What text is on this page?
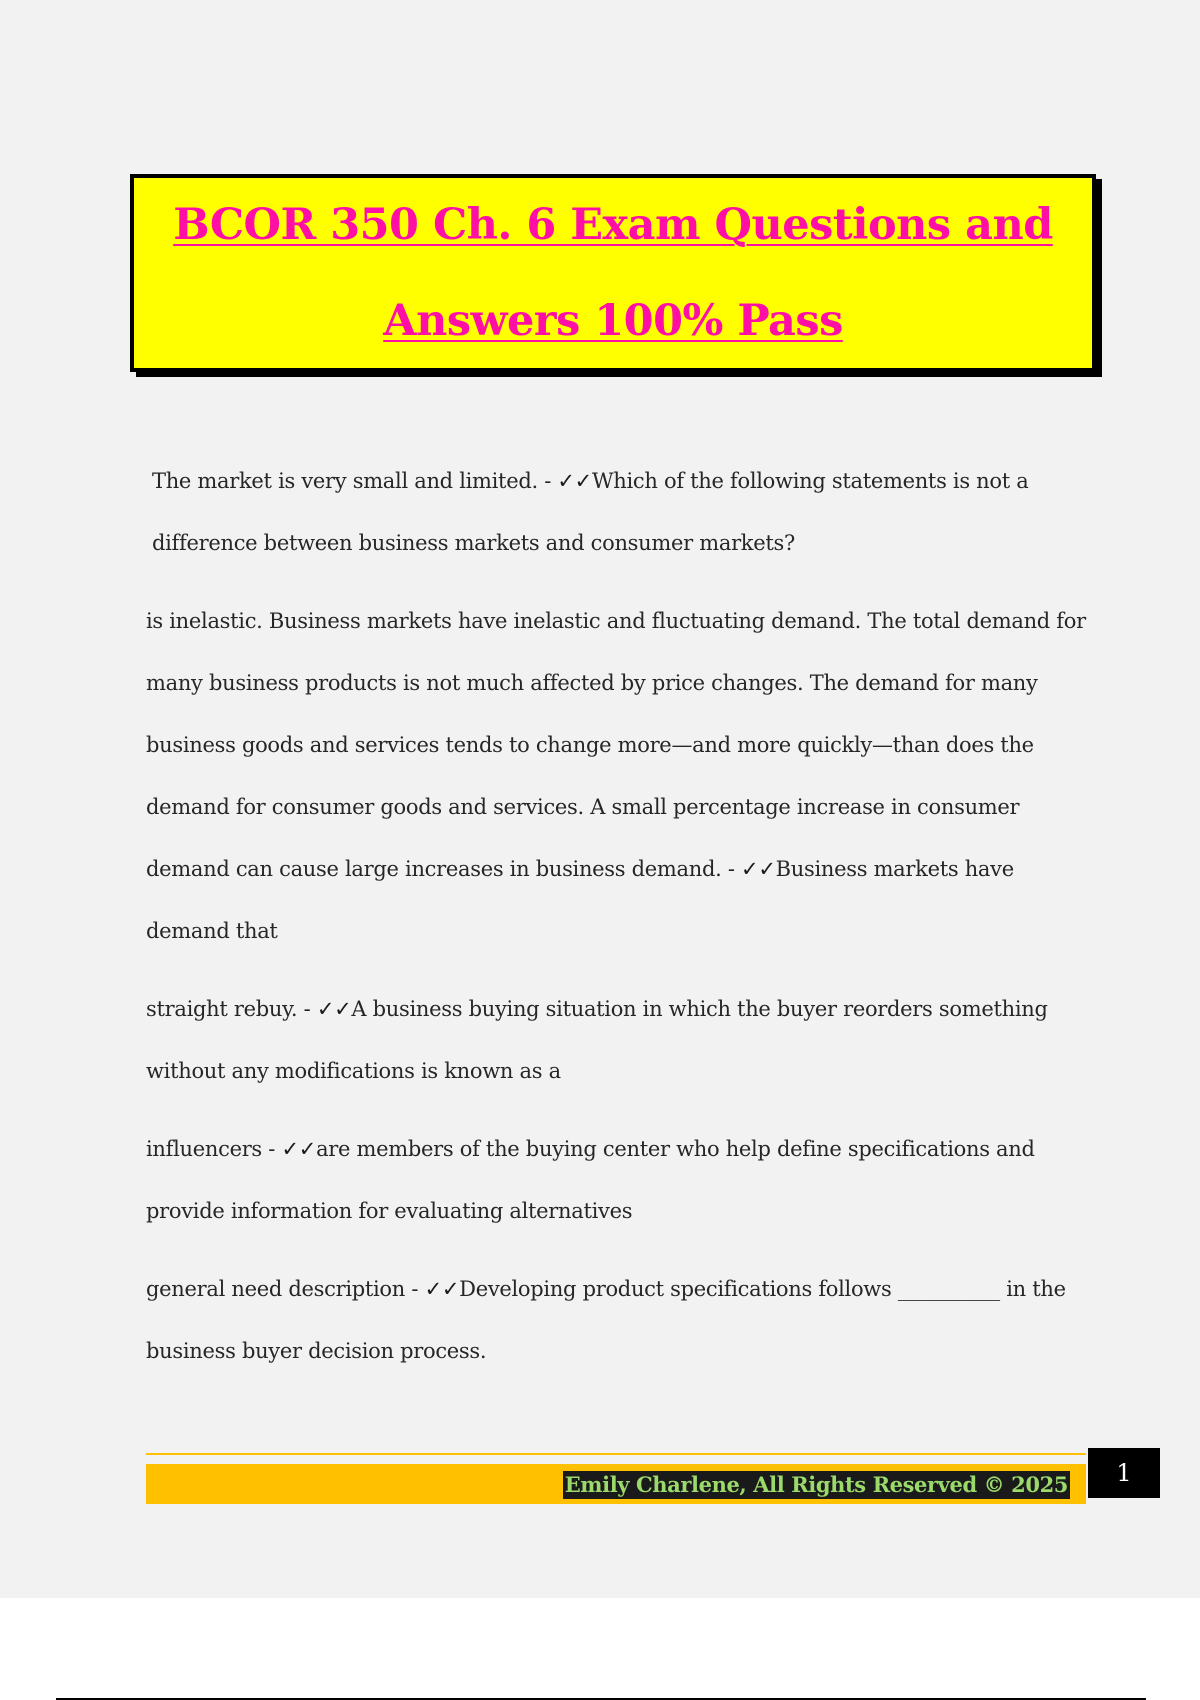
BCOR 350 Ch. 6 Exam Questions and
Answers 100% Pass

The market is very small and limited. - ✓✓Which of the following statements is not a difference between business markets and consumer markets?

is inelastic. Business markets have inelastic and fluctuating demand. The total demand for many business products is not much affected by price changes. The demand for many business goods and services tends to change more—and more quickly—than does the demand for consumer goods and services. A small percentage increase in consumer demand can cause large increases in business demand. - ✓✓Business markets have demand that

straight rebuy. - ✓✓A business buying situation in which the buyer reorders something without any modifications is known as a

influencers - ✓✓are members of the buying center who help define specifications and provide information for evaluating alternatives

general need description - ✓✓Developing product specifications follows __________ in the business buyer decision process.

Emily Charlene, All Rights Reserved © 2025	1
